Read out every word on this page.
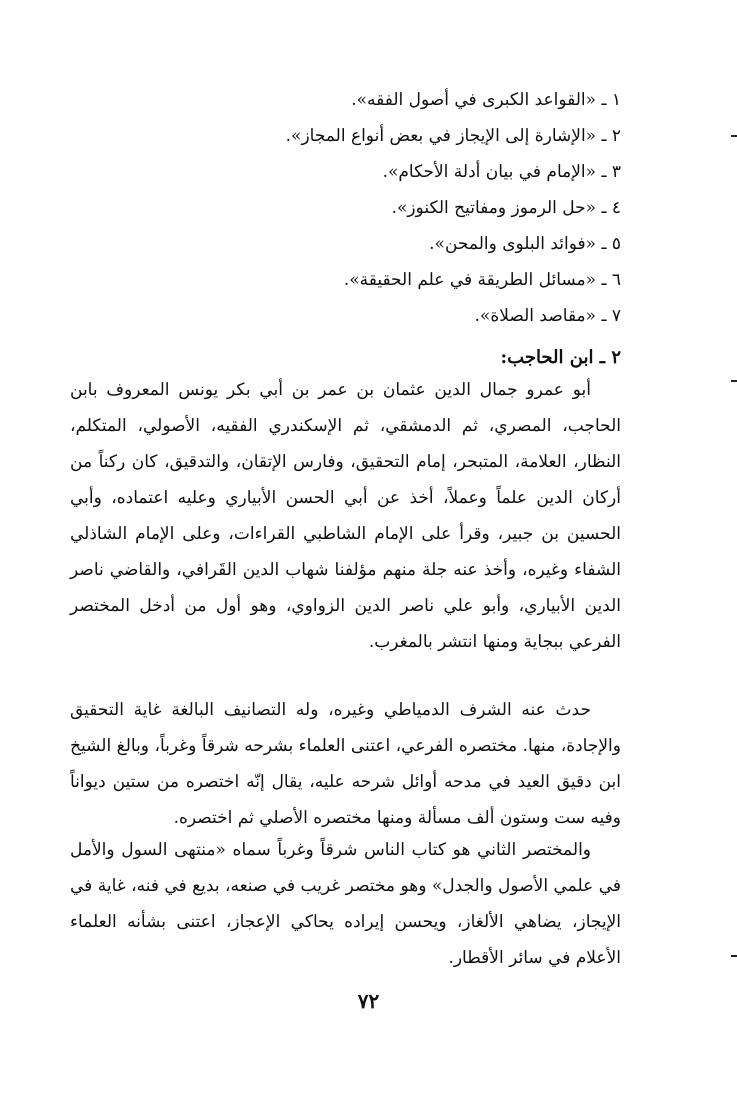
١ ـ «القواعد الكبرى في أصول الفقه».
٢ ـ «الإشارة إلى الإيجاز في بعض أنواع المجاز».
٣ ـ «الإمام في بيان أدلة الأحكام».
٤ ـ «حل الرموز ومفاتيح الكنوز».
٥ ـ «فوائد البلوى والمحن».
٦ ـ «مسائل الطريقة في علم الحقيقة».
٧ ـ «مقاصد الصلاة».
٢ ـ ابن الحاجب:
أبو عمرو جمال الدين عثمان بن عمر بن أبي بكر يونس المعروف بابن الحاجب، المصري، ثم الدمشقي، ثم الإسكندري الفقيه، الأصولي، المتكلم، النظار، العلامة، المتبحر، إمام التحقيق، وفارس الإتقان، والتدقيق، كان ركناً من أركان الدين علماً وعملاً، أخذ عن أبي الحسن الأبياري وعليه اعتماده، وأبي الحسين بن جبير، وقرأ على الإمام الشاطبي القراءات، وعلى الإمام الشاذلي الشفاء وغيره، وأخذ عنه جلة منهم مؤلفنا شهاب الدين القَرافي، والقاضي ناصر الدين الأبياري، وأبو علي ناصر الدين الزواوي، وهو أول من أدخل المختصر الفرعي ببجاية ومنها انتشر بالمغرب.
حدث عنه الشرف الدمياطي وغيره، وله التصانيف البالغة غاية التحقيق والإجادة، منها. مختصره الفرعي، اعتنى العلماء بشرحه شرقاً وغرباً، وبالغ الشيخ ابن دقيق العيد في مدحه أوائل شرحه عليه، يقال إنّه اختصره من ستين ديواناً وفيه ست وستون ألف مسألة ومنها مختصره الأصلي ثم اختصره.
والمختصر الثاني هو كتاب الناس شرقاً وغرباً سماه «منتهى السول والأمل في علمي الأصول والجدل» وهو مختصر غريب في صنعه، بديع في فنه، غاية في الإيجاز، يضاهي الألغاز، ويحسن إيراده يحاكي الإعجاز، اعتنى بشأنه العلماء الأعلام في سائر الأقطار.
٧٢
